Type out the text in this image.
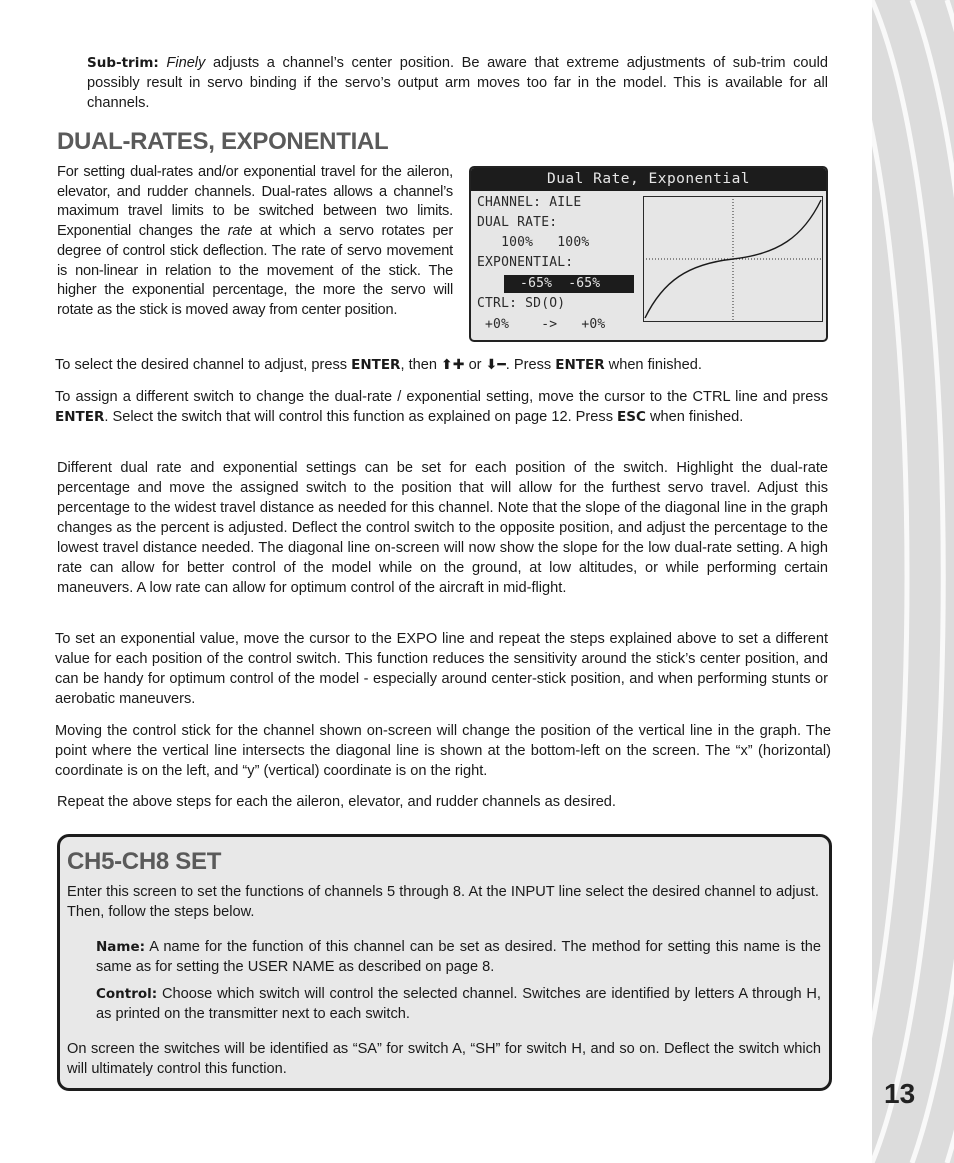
13

Sub-trim: Finely adjusts a channel’s center position. Be aware that extreme adjustments of sub-trim could possibly result in servo binding if the servo’s output arm moves too far in the model. This is available for all channels.

DUAL-RATES, EXPONENTIAL

For setting dual-rates and/or exponential travel for the aileron, elevator, and rudder channels. Dual-rates allows a channel’s maximum travel limits to be switched between two limits. Exponential changes the rate at which a servo rotates per degree of control stick deflection. The rate of servo movement is non-linear in relation to the movement of the stick. The higher the exponential percentage, the more the servo will rotate as the stick is moved away from center position.

Dual Rate, Exponential
CHANNEL: AILE
DUAL RATE:
100%   100%
EXPONENTIAL:
-65%  -65%
CTRL: SD(O)
+0%    ->   +0%

To select the desired channel to adjust, press ENTER, then ⬆✚ or ⬇━. Press ENTER when finished.

To assign a different switch to change the dual-rate / exponential setting, move the cursor to the CTRL line and press ENTER. Select the switch that will control this function as explained on page 12. Press ESC when finished.

Different dual rate and exponential settings can be set for each position of the switch. Highlight the dual-rate percentage and move the assigned switch to the position that will allow for the furthest servo travel. Adjust this percentage to the widest travel distance as needed for this channel. Note that the slope of the diagonal line in the graph changes as the percent is adjusted. Deflect the control switch to the opposite position, and adjust the percentage to the lowest travel distance needed. The diagonal line on-screen will now show the slope for the low dual-rate setting. A high rate can allow for better control of the model while on the ground, at low altitudes, or while performing certain maneuvers. A low rate can allow for optimum control of the aircraft in mid-flight.

To set an exponential value, move the cursor to the EXPO line and repeat the steps explained above to set a different value for each position of the control switch. This function reduces the sensitivity around the stick’s center position, and can be handy for optimum control of the model - especially around center-stick position, and when performing stunts or aerobatic maneuvers.

Moving the control stick for the channel shown on-screen will change the position of the vertical line in the graph. The point where the vertical line intersects the diagonal line is shown at the bottom-left on the screen. The “x” (horizontal) coordinate is on the left, and “y” (vertical) coordinate is on the right.

Repeat the above steps for each the aileron, elevator, and rudder channels as desired.

CH5-CH8 SET

Enter this screen to set the functions of channels 5 through 8. At the INPUT line select the desired channel to adjust. Then, follow the steps below.

Name: A name for the function of this channel can be set as desired. The method for setting this name is the same as for setting the USER NAME as described on page 8.

Control: Choose which switch will control the selected channel. Switches are identified by letters A through H, as printed on the transmitter next to each switch.

On screen the switches will be identified as “SA” for switch A, “SH” for switch H, and so on. Deflect the switch which will ultimately control this function.
